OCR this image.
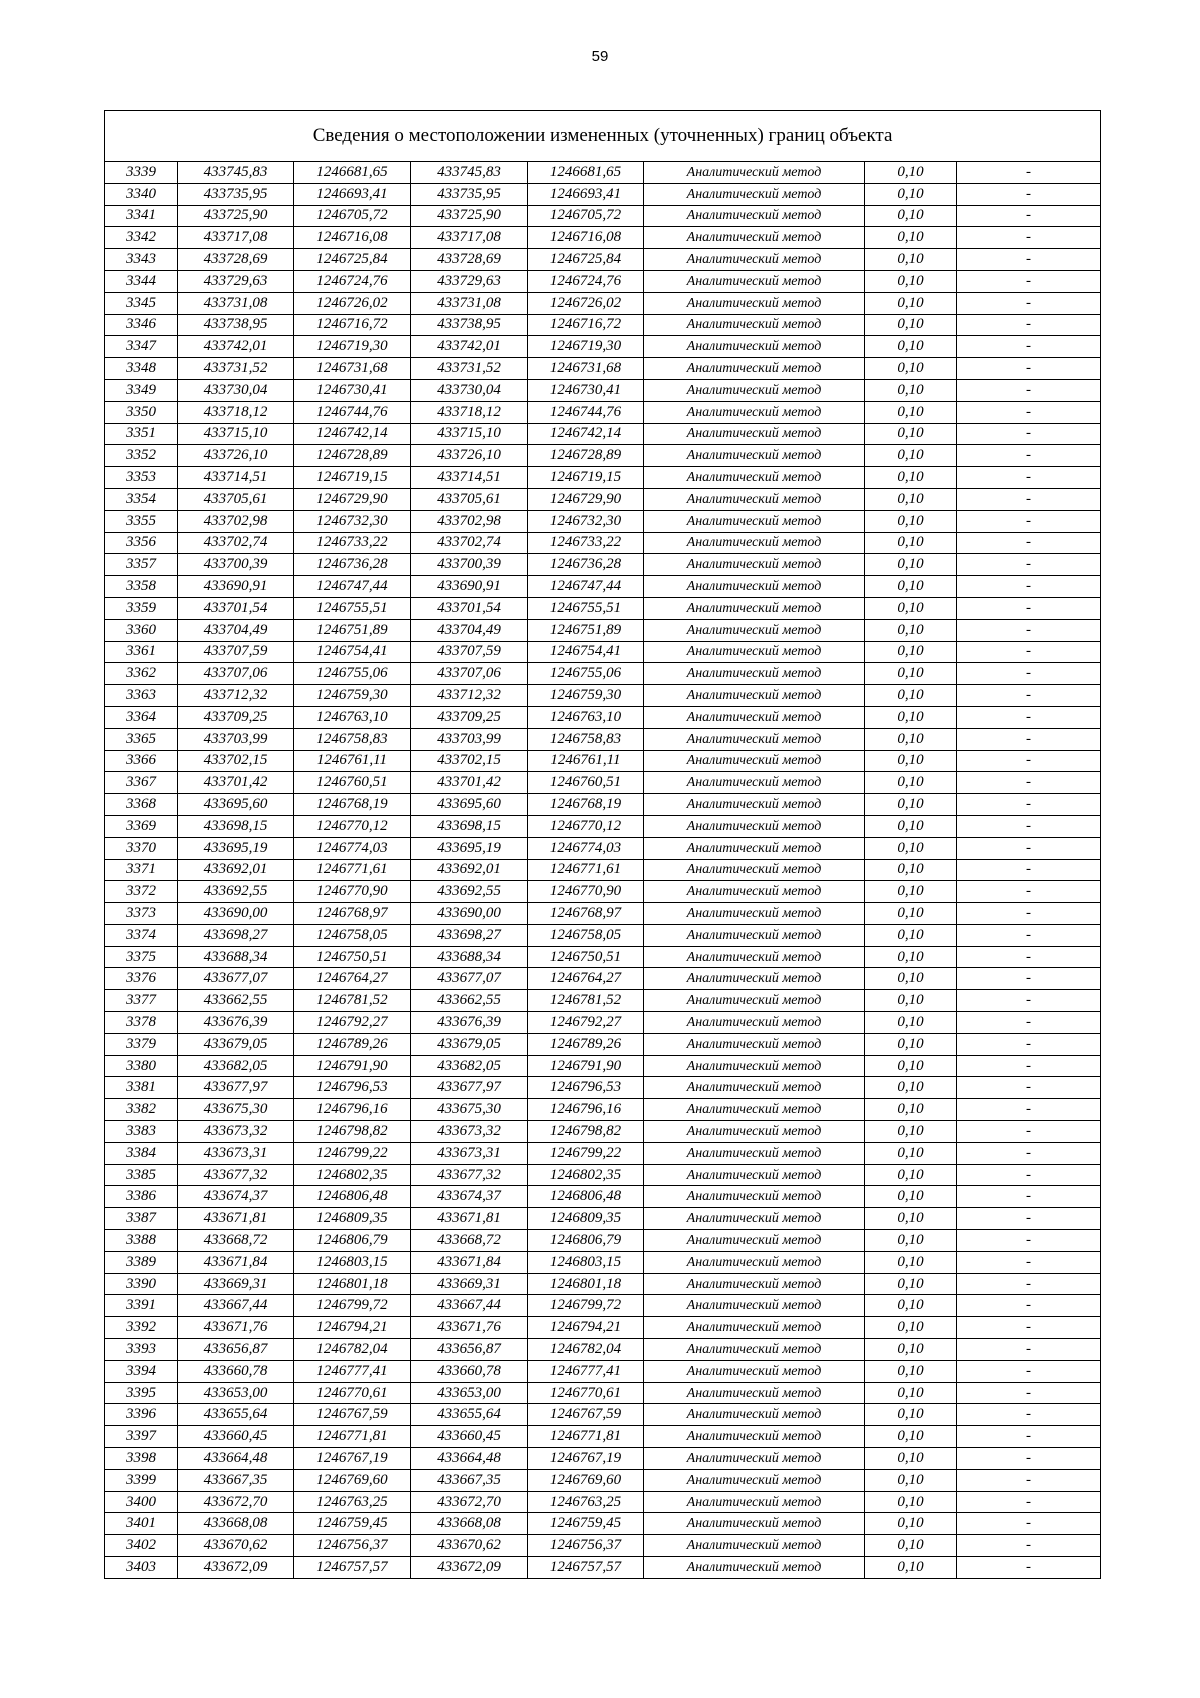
59
Сведения о местоположении измененных (уточненных) границ объекта							
3339	433745,83	1246681,65	433745,83	1246681,65	Аналитический метод	0,10	-
3340	433735,95	1246693,41	433735,95	1246693,41	Аналитический метод	0,10	-
3341	433725,90	1246705,72	433725,90	1246705,72	Аналитический метод	0,10	-
3342	433717,08	1246716,08	433717,08	1246716,08	Аналитический метод	0,10	-
3343	433728,69	1246725,84	433728,69	1246725,84	Аналитический метод	0,10	-
3344	433729,63	1246724,76	433729,63	1246724,76	Аналитический метод	0,10	-
3345	433731,08	1246726,02	433731,08	1246726,02	Аналитический метод	0,10	-
3346	433738,95	1246716,72	433738,95	1246716,72	Аналитический метод	0,10	-
3347	433742,01	1246719,30	433742,01	1246719,30	Аналитический метод	0,10	-
3348	433731,52	1246731,68	433731,52	1246731,68	Аналитический метод	0,10	-
3349	433730,04	1246730,41	433730,04	1246730,41	Аналитический метод	0,10	-
3350	433718,12	1246744,76	433718,12	1246744,76	Аналитический метод	0,10	-
3351	433715,10	1246742,14	433715,10	1246742,14	Аналитический метод	0,10	-
3352	433726,10	1246728,89	433726,10	1246728,89	Аналитический метод	0,10	-
3353	433714,51	1246719,15	433714,51	1246719,15	Аналитический метод	0,10	-
3354	433705,61	1246729,90	433705,61	1246729,90	Аналитический метод	0,10	-
3355	433702,98	1246732,30	433702,98	1246732,30	Аналитический метод	0,10	-
3356	433702,74	1246733,22	433702,74	1246733,22	Аналитический метод	0,10	-
3357	433700,39	1246736,28	433700,39	1246736,28	Аналитический метод	0,10	-
3358	433690,91	1246747,44	433690,91	1246747,44	Аналитический метод	0,10	-
3359	433701,54	1246755,51	433701,54	1246755,51	Аналитический метод	0,10	-
3360	433704,49	1246751,89	433704,49	1246751,89	Аналитический метод	0,10	-
3361	433707,59	1246754,41	433707,59	1246754,41	Аналитический метод	0,10	-
3362	433707,06	1246755,06	433707,06	1246755,06	Аналитический метод	0,10	-
3363	433712,32	1246759,30	433712,32	1246759,30	Аналитический метод	0,10	-
3364	433709,25	1246763,10	433709,25	1246763,10	Аналитический метод	0,10	-
3365	433703,99	1246758,83	433703,99	1246758,83	Аналитический метод	0,10	-
3366	433702,15	1246761,11	433702,15	1246761,11	Аналитический метод	0,10	-
3367	433701,42	1246760,51	433701,42	1246760,51	Аналитический метод	0,10	-
3368	433695,60	1246768,19	433695,60	1246768,19	Аналитический метод	0,10	-
3369	433698,15	1246770,12	433698,15	1246770,12	Аналитический метод	0,10	-
3370	433695,19	1246774,03	433695,19	1246774,03	Аналитический метод	0,10	-
3371	433692,01	1246771,61	433692,01	1246771,61	Аналитический метод	0,10	-
3372	433692,55	1246770,90	433692,55	1246770,90	Аналитический метод	0,10	-
3373	433690,00	1246768,97	433690,00	1246768,97	Аналитический метод	0,10	-
3374	433698,27	1246758,05	433698,27	1246758,05	Аналитический метод	0,10	-
3375	433688,34	1246750,51	433688,34	1246750,51	Аналитический метод	0,10	-
3376	433677,07	1246764,27	433677,07	1246764,27	Аналитический метод	0,10	-
3377	433662,55	1246781,52	433662,55	1246781,52	Аналитический метод	0,10	-
3378	433676,39	1246792,27	433676,39	1246792,27	Аналитический метод	0,10	-
3379	433679,05	1246789,26	433679,05	1246789,26	Аналитический метод	0,10	-
3380	433682,05	1246791,90	433682,05	1246791,90	Аналитический метод	0,10	-
3381	433677,97	1246796,53	433677,97	1246796,53	Аналитический метод	0,10	-
3382	433675,30	1246796,16	433675,30	1246796,16	Аналитический метод	0,10	-
3383	433673,32	1246798,82	433673,32	1246798,82	Аналитический метод	0,10	-
3384	433673,31	1246799,22	433673,31	1246799,22	Аналитический метод	0,10	-
3385	433677,32	1246802,35	433677,32	1246802,35	Аналитический метод	0,10	-
3386	433674,37	1246806,48	433674,37	1246806,48	Аналитический метод	0,10	-
3387	433671,81	1246809,35	433671,81	1246809,35	Аналитический метод	0,10	-
3388	433668,72	1246806,79	433668,72	1246806,79	Аналитический метод	0,10	-
3389	433671,84	1246803,15	433671,84	1246803,15	Аналитический метод	0,10	-
3390	433669,31	1246801,18	433669,31	1246801,18	Аналитический метод	0,10	-
3391	433667,44	1246799,72	433667,44	1246799,72	Аналитический метод	0,10	-
3392	433671,76	1246794,21	433671,76	1246794,21	Аналитический метод	0,10	-
3393	433656,87	1246782,04	433656,87	1246782,04	Аналитический метод	0,10	-
3394	433660,78	1246777,41	433660,78	1246777,41	Аналитический метод	0,10	-
3395	433653,00	1246770,61	433653,00	1246770,61	Аналитический метод	0,10	-
3396	433655,64	1246767,59	433655,64	1246767,59	Аналитический метод	0,10	-
3397	433660,45	1246771,81	433660,45	1246771,81	Аналитический метод	0,10	-
3398	433664,48	1246767,19	433664,48	1246767,19	Аналитический метод	0,10	-
3399	433667,35	1246769,60	433667,35	1246769,60	Аналитический метод	0,10	-
3400	433672,70	1246763,25	433672,70	1246763,25	Аналитический метод	0,10	-
3401	433668,08	1246759,45	433668,08	1246759,45	Аналитический метод	0,10	-
3402	433670,62	1246756,37	433670,62	1246756,37	Аналитический метод	0,10	-
3403	433672,09	1246757,57	433672,09	1246757,57	Аналитический метод	0,10	-
